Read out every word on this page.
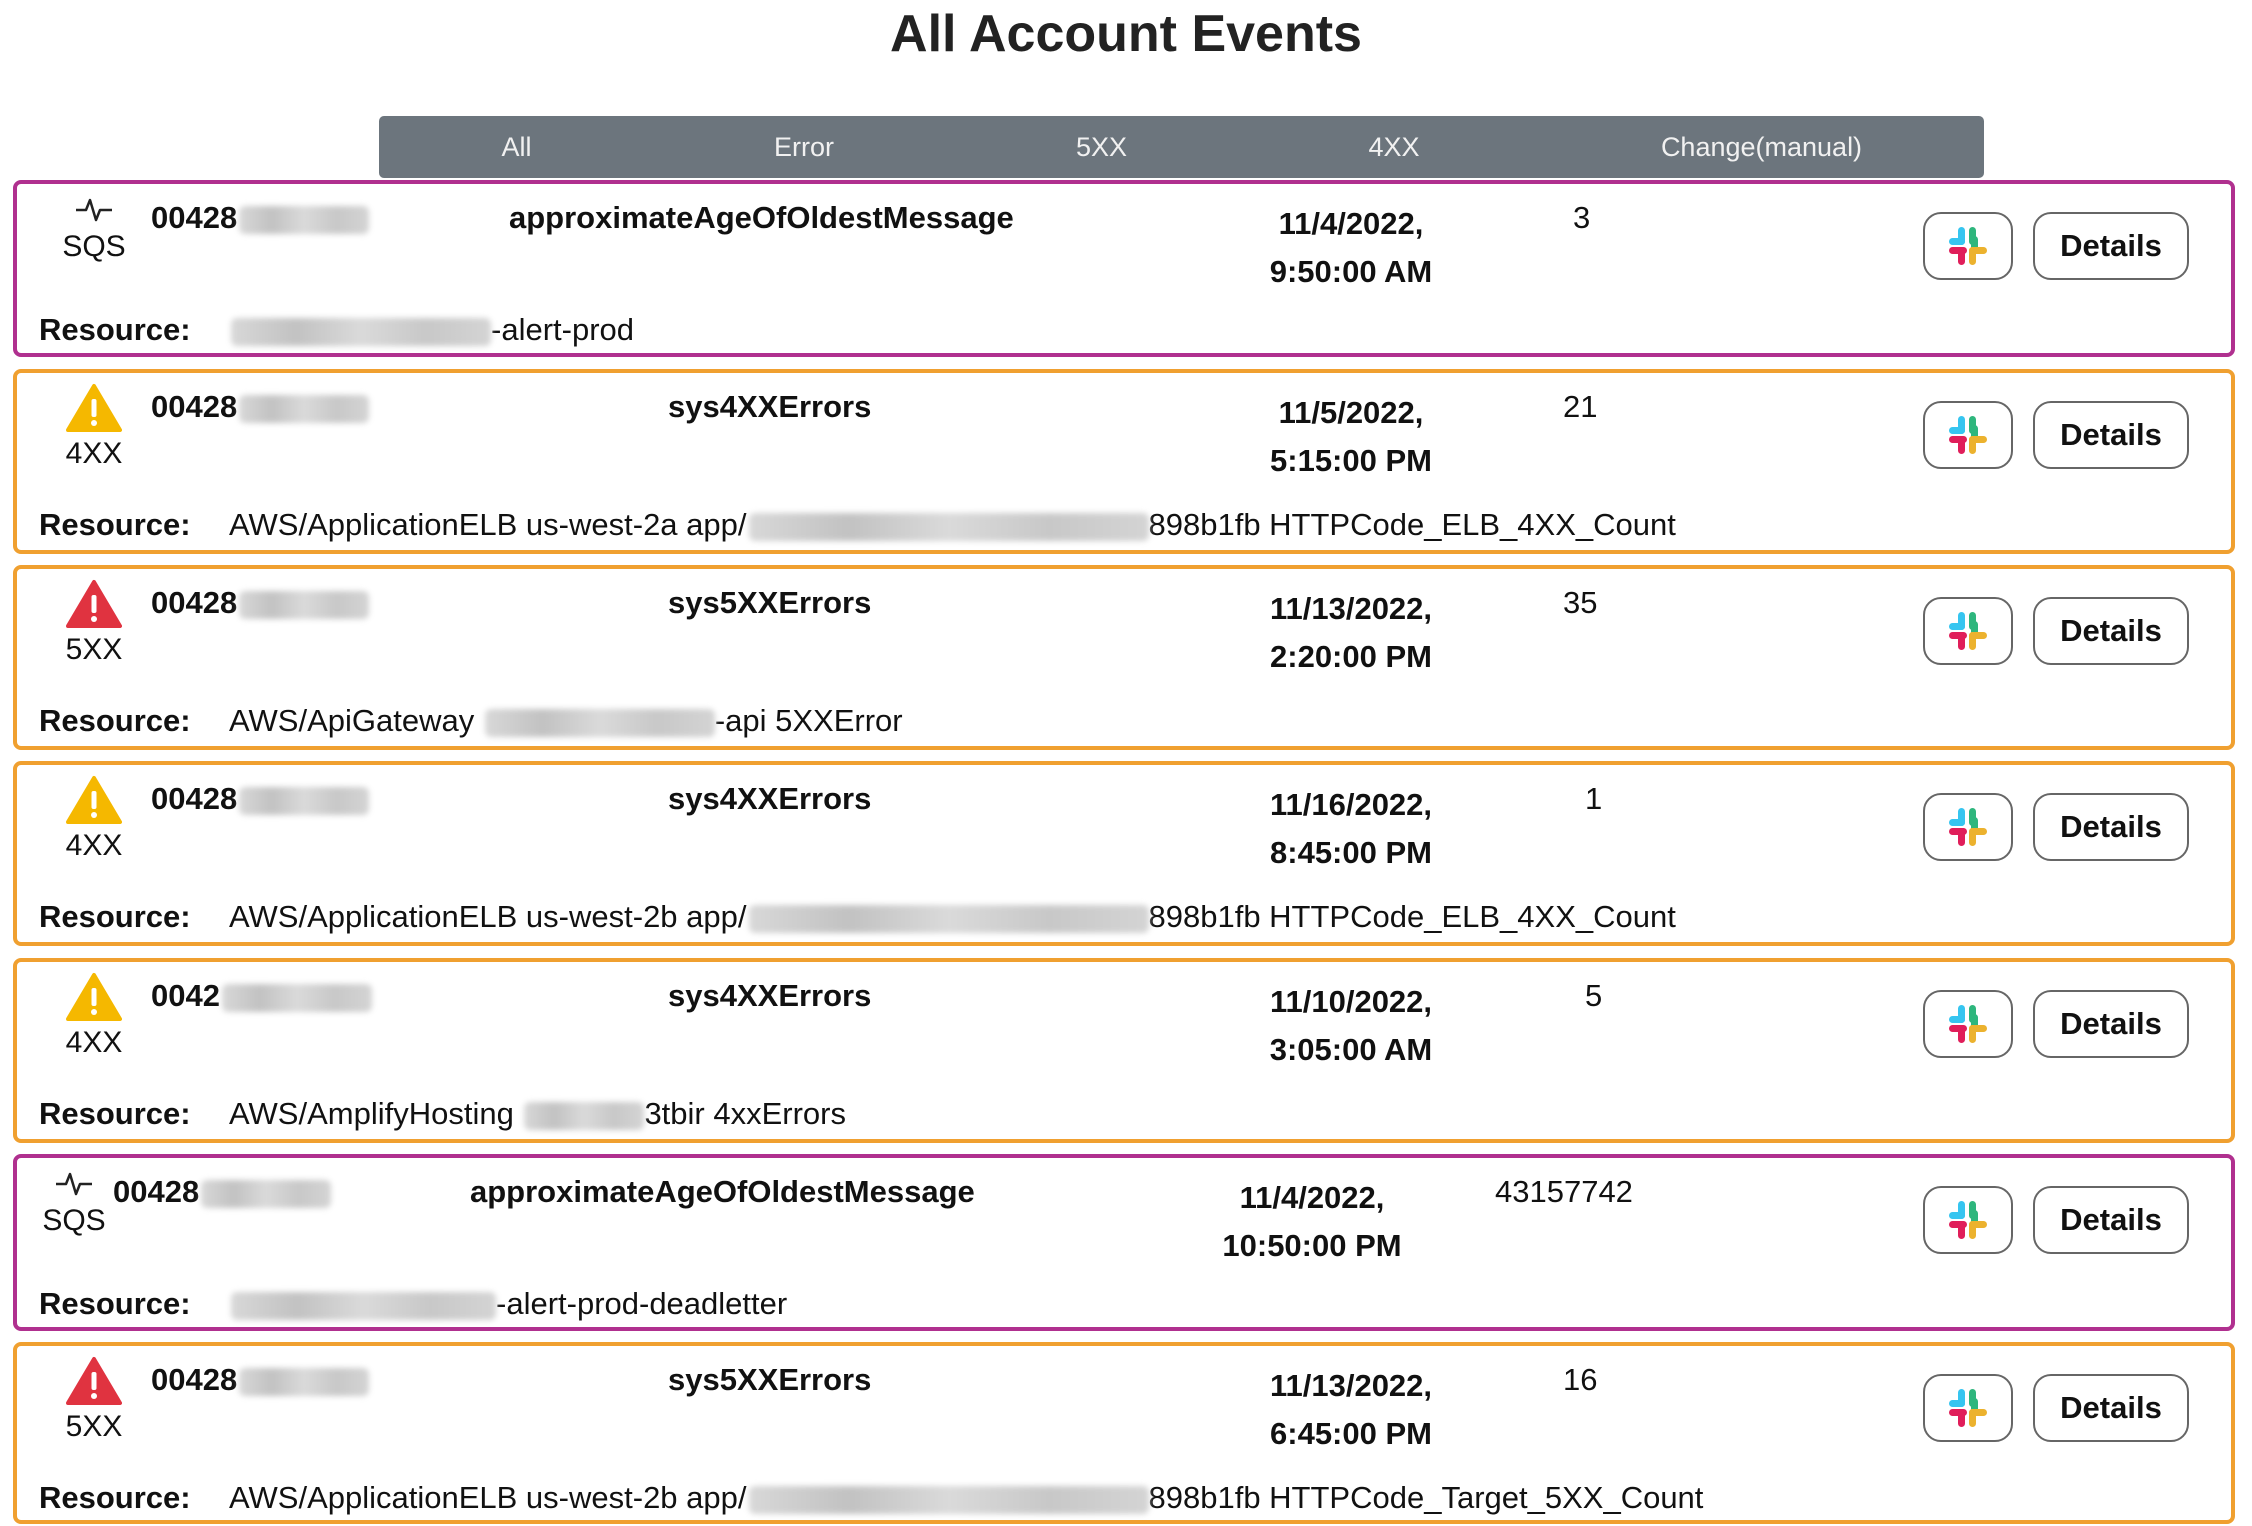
All Account Events
All	Error	5XX	4XX	Change(manual)
SQS
00428	approximateAgeOfOldestMessage	11/4/2022,
9:50:00 AM
3
Details
Resource:	-alert-prod
4XX
00428	sys4XXErrors	11/5/2022,
5:15:00 PM
21
Details
Resource: AWS/ApplicationELB us-west-2a app/	898b1fb HTTPCode_ELB_4XX_Count
5XX
00428	sys5XXErrors	11/13/2022,
2:20:00 PM
35
Details
Resource: AWS/ApiGateway	-api 5XXError
4XX
00428	sys4XXErrors	11/16/2022,
8:45:00 PM
1
Details
Resource: AWS/ApplicationELB us-west-2b app/	898b1fb HTTPCode_ELB_4XX_Count
4XX
0042	sys4XXErrors	11/10/2022,
3:05:00 AM
5
Details
Resource: AWS/AmplifyHosting	3tbir 4xxErrors
SQS
00428	approximateAgeOfOldestMessage	11/4/2022,
10:50:00 PM
43157742
Details
Resource:	-alert-prod-deadletter
5XX
00428	sys5XXErrors	11/13/2022,
6:45:00 PM
16
Details
Resource: AWS/ApplicationELB us-west-2b app/	898b1fb HTTPCode_Target_5XX_Count
